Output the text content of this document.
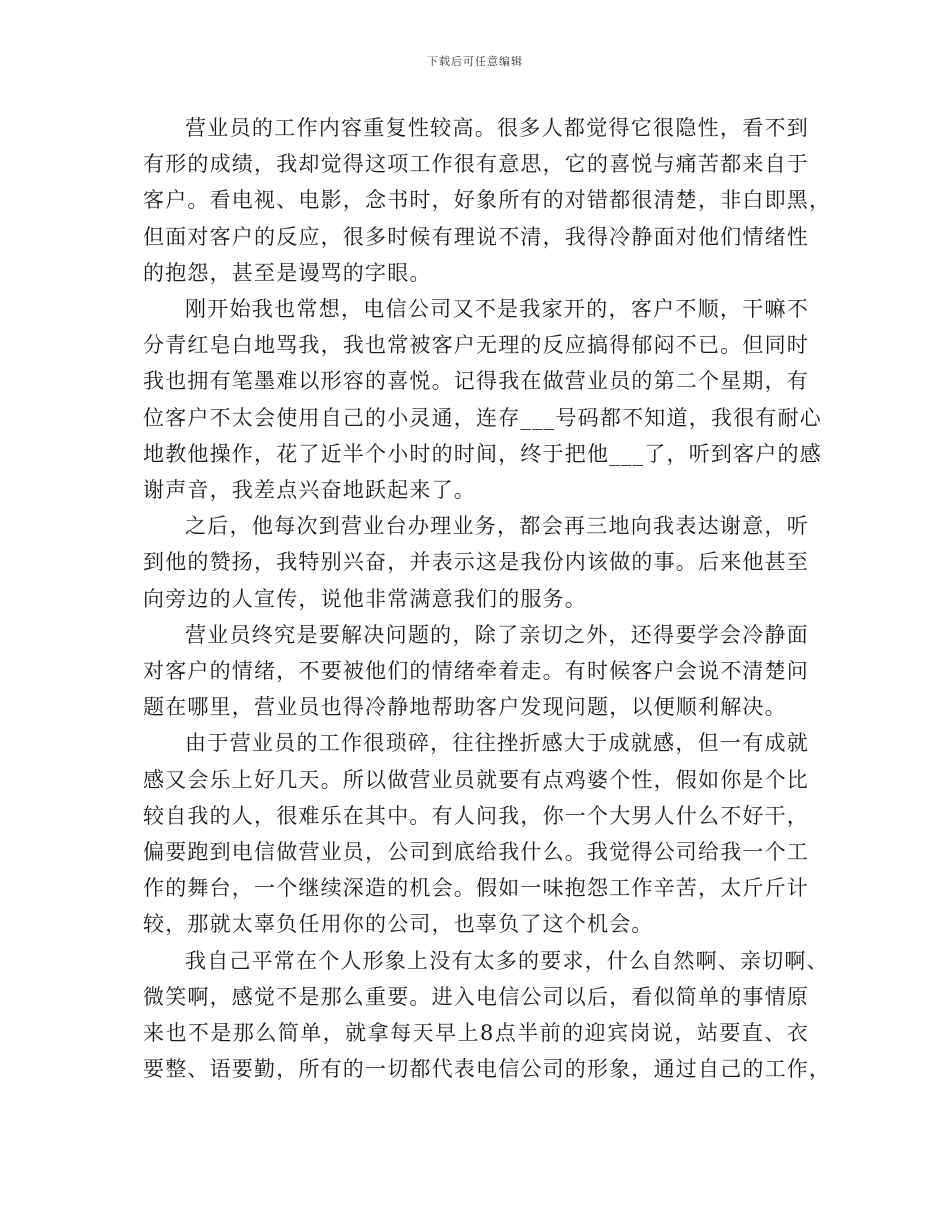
下载后可任意编辑
营业员的工作内容重复性较高。很多人都觉得它很隐性，看不到
有形的成绩，我却觉得这项工作很有意思，它的喜悦与痛苦都来自于
客户。看电视、电影，念书时，好象所有的对错都很清楚，非白即黑，
但面对客户的反应，很多时候有理说不清，我得冷静面对他们情绪性
的抱怨，甚至是谩骂的字眼。
刚开始我也常想，电信公司又不是我家开的，客户不顺，干嘛不
分青红皂白地骂我，我也常被客户无理的反应搞得郁闷不已。但同时
我也拥有笔墨难以形容的喜悦。记得我在做营业员的第二个星期，有
位客户不太会使用自己的小灵通，连存___号码都不知道，我很有耐心
地教他操作，花了近半个小时的时间，终于把他___了，听到客户的感
谢声音，我差点兴奋地跃起来了。
之后，他每次到营业台办理业务，都会再三地向我表达谢意，听
到他的赞扬，我特别兴奋，并表示这是我份内该做的事。后来他甚至
向旁边的人宣传，说他非常满意我们的服务。
营业员终究是要解决问题的，除了亲切之外，还得要学会冷静面
对客户的情绪，不要被他们的情绪牵着走。有时候客户会说不清楚问
题在哪里，营业员也得冷静地帮助客户发现问题，以便顺利解决。
由于营业员的工作很琐碎，往往挫折感大于成就感，但一有成就
感又会乐上好几天。所以做营业员就要有点鸡婆个性，假如你是个比
较自我的人，很难乐在其中。有人问我，你一个大男人什么不好干，
偏要跑到电信做营业员，公司到底给我什么。我觉得公司给我一个工
作的舞台，一个继续深造的机会。假如一味抱怨工作辛苦，太斤斤计
较，那就太辜负任用你的公司，也辜负了这个机会。
我自己平常在个人形象上没有太多的要求，什么自然啊、亲切啊、
微笑啊，感觉不是那么重要。进入电信公司以后，看似简单的事情原
来也不是那么简单，就拿每天早上8点半前的迎宾岗说，站要直、衣
要整、语要勤，所有的一切都代表电信公司的形象，通过自己的工作，
